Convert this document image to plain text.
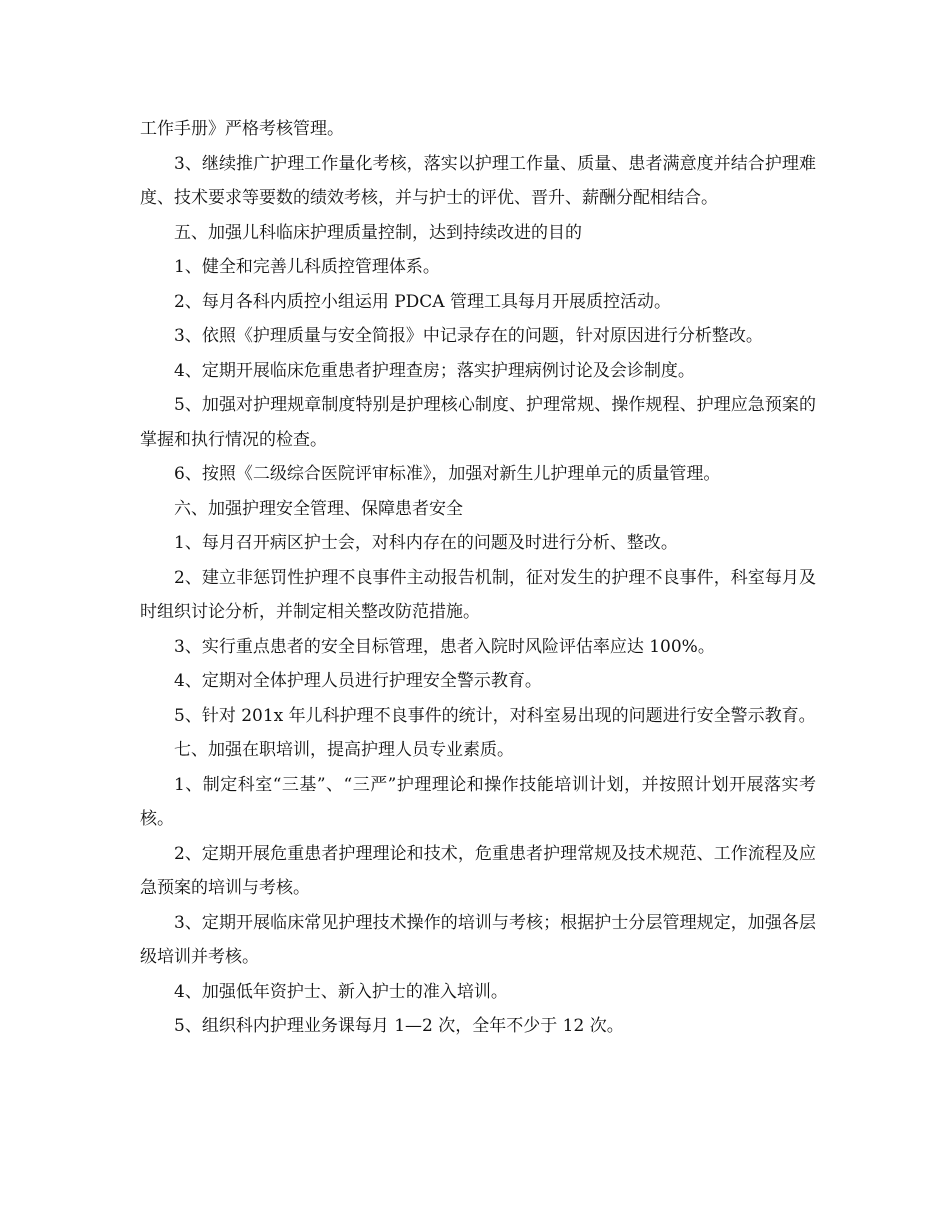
工作手册》严格考核管理。

3、继续推广护理工作量化考核，落实以护理工作量、质量、患者满意度并结合护理难度、技术要求等要数的绩效考核，并与护士的评优、晋升、薪酬分配相结合。

五、加强儿科临床护理质量控制，达到持续改进的目的

1、健全和完善儿科质控管理体系。

2、每月各科内质控小组运用 PDCA 管理工具每月开展质控活动。

3、依照《护理质量与安全简报》中记录存在的问题，针对原因进行分析整改。

4、定期开展临床危重患者护理查房；落实护理病例讨论及会诊制度。

5、加强对护理规章制度特别是护理核心制度、护理常规、操作规程、护理应急预案的掌握和执行情况的检查。

6、按照《二级综合医院评审标准》，加强对新生儿护理单元的质量管理。

六、加强护理安全管理、保障患者安全

1、每月召开病区护士会，对科内存在的问题及时进行分析、整改。

2、建立非惩罚性护理不良事件主动报告机制，征对发生的护理不良事件，科室每月及时组织讨论分析，并制定相关整改防范措施。

3、实行重点患者的安全目标管理，患者入院时风险评估率应达 100%。

4、定期对全体护理人员进行护理安全警示教育。

5、针对 201x 年儿科护理不良事件的统计，对科室易出现的问题进行安全警示教育。

七、加强在职培训，提高护理人员专业素质。

1、制定科室“三基”、“三严”护理理论和操作技能培训计划，并按照计划开展落实考核。

2、定期开展危重患者护理理论和技术，危重患者护理常规及技术规范、工作流程及应急预案的培训与考核。

3、定期开展临床常见护理技术操作的培训与考核；根据护士分层管理规定，加强各层级培训并考核。

4、加强低年资护士、新入护士的准入培训。

5、组织科内护理业务课每月 1—2 次，全年不少于 12 次。
